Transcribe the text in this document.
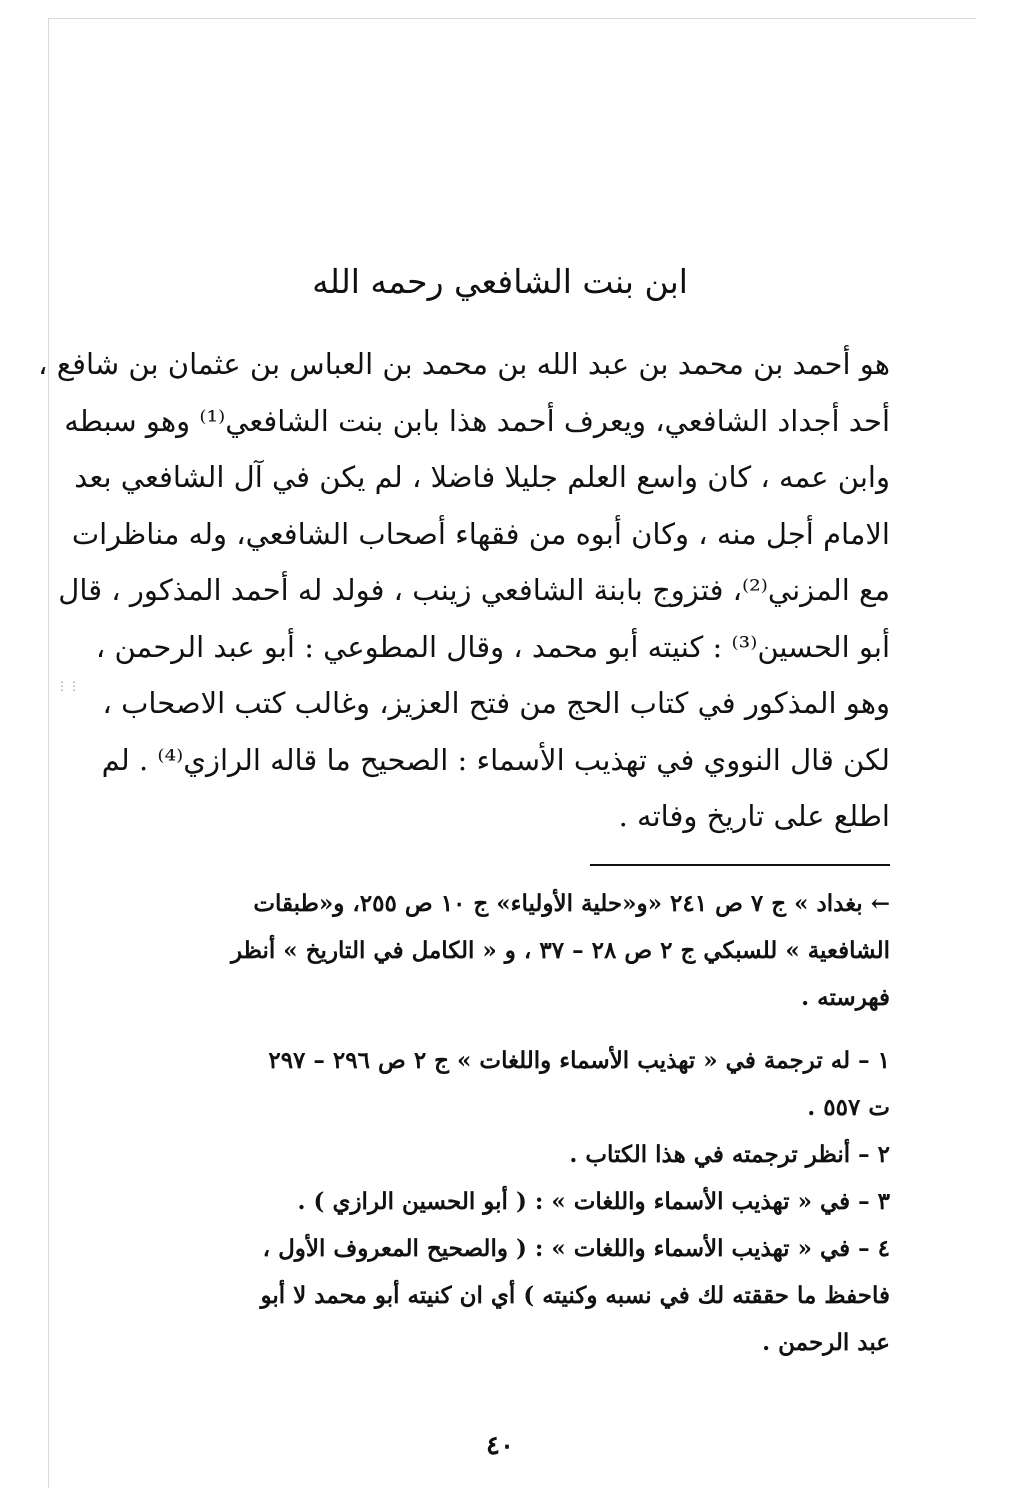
⋮⋮
ابن بنت الشافعي رحمه الله
هو أحمد بن محمد بن عبد الله بن محمد بن العباس بن عثمان بن شافع ،
أحد أجداد الشافعي، ويعرف أحمد هذا بابن بنت الشافعي⁽¹⁾ وهو سبطه
وابن عمه ، كان واسع العلم جليلا فاضلا ، لم يكن في آل الشافعي بعد
الامام أجل منه ، وكان أبوه من فقهاء أصحاب الشافعي، وله مناظرات
مع المزني⁽²⁾، فتزوج بابنة الشافعي زينب ، فولد له أحمد المذكور ، قال
أبو الحسين⁽³⁾ : كنيته أبو محمد ، وقال المطوعي : أبو عبد الرحمن ،
وهو المذكور في كتاب الحج من فتح العزيز، وغالب كتب الاصحاب ،
لكن قال النووي في تهذيب الأسماء : الصحيح ما قاله الرازي⁽⁴⁾ . لم
اطلع على تاريخ وفاته .
← بغداد » ج ٧ ص ٢٤١ «و«حلية الأولياء» ج ١٠ ص ٢٥٥، و«طبقات
الشافعية » للسبكي ج ٢ ص ٢٨ – ٣٧ ، و « الكامل في التاريخ » أنظر
فهرسته .
١ – له ترجمة في « تهذيب الأسماء واللغات » ج ٢ ص ٢٩٦ – ٢٩٧
ت ٥٥٧ .
٢ – أنظر ترجمته في هذا الكتاب .
٣ – في « تهذيب الأسماء واللغات » : ( أبو الحسين الرازي ) .
٤ – في « تهذيب الأسماء واللغات » : ( والصحيح المعروف الأول ،
فاحفظ ما حققته لك في نسبه وكنيته ) أي ان كنيته أبو محمد لا أبو
عبد الرحمن .
٤٠
